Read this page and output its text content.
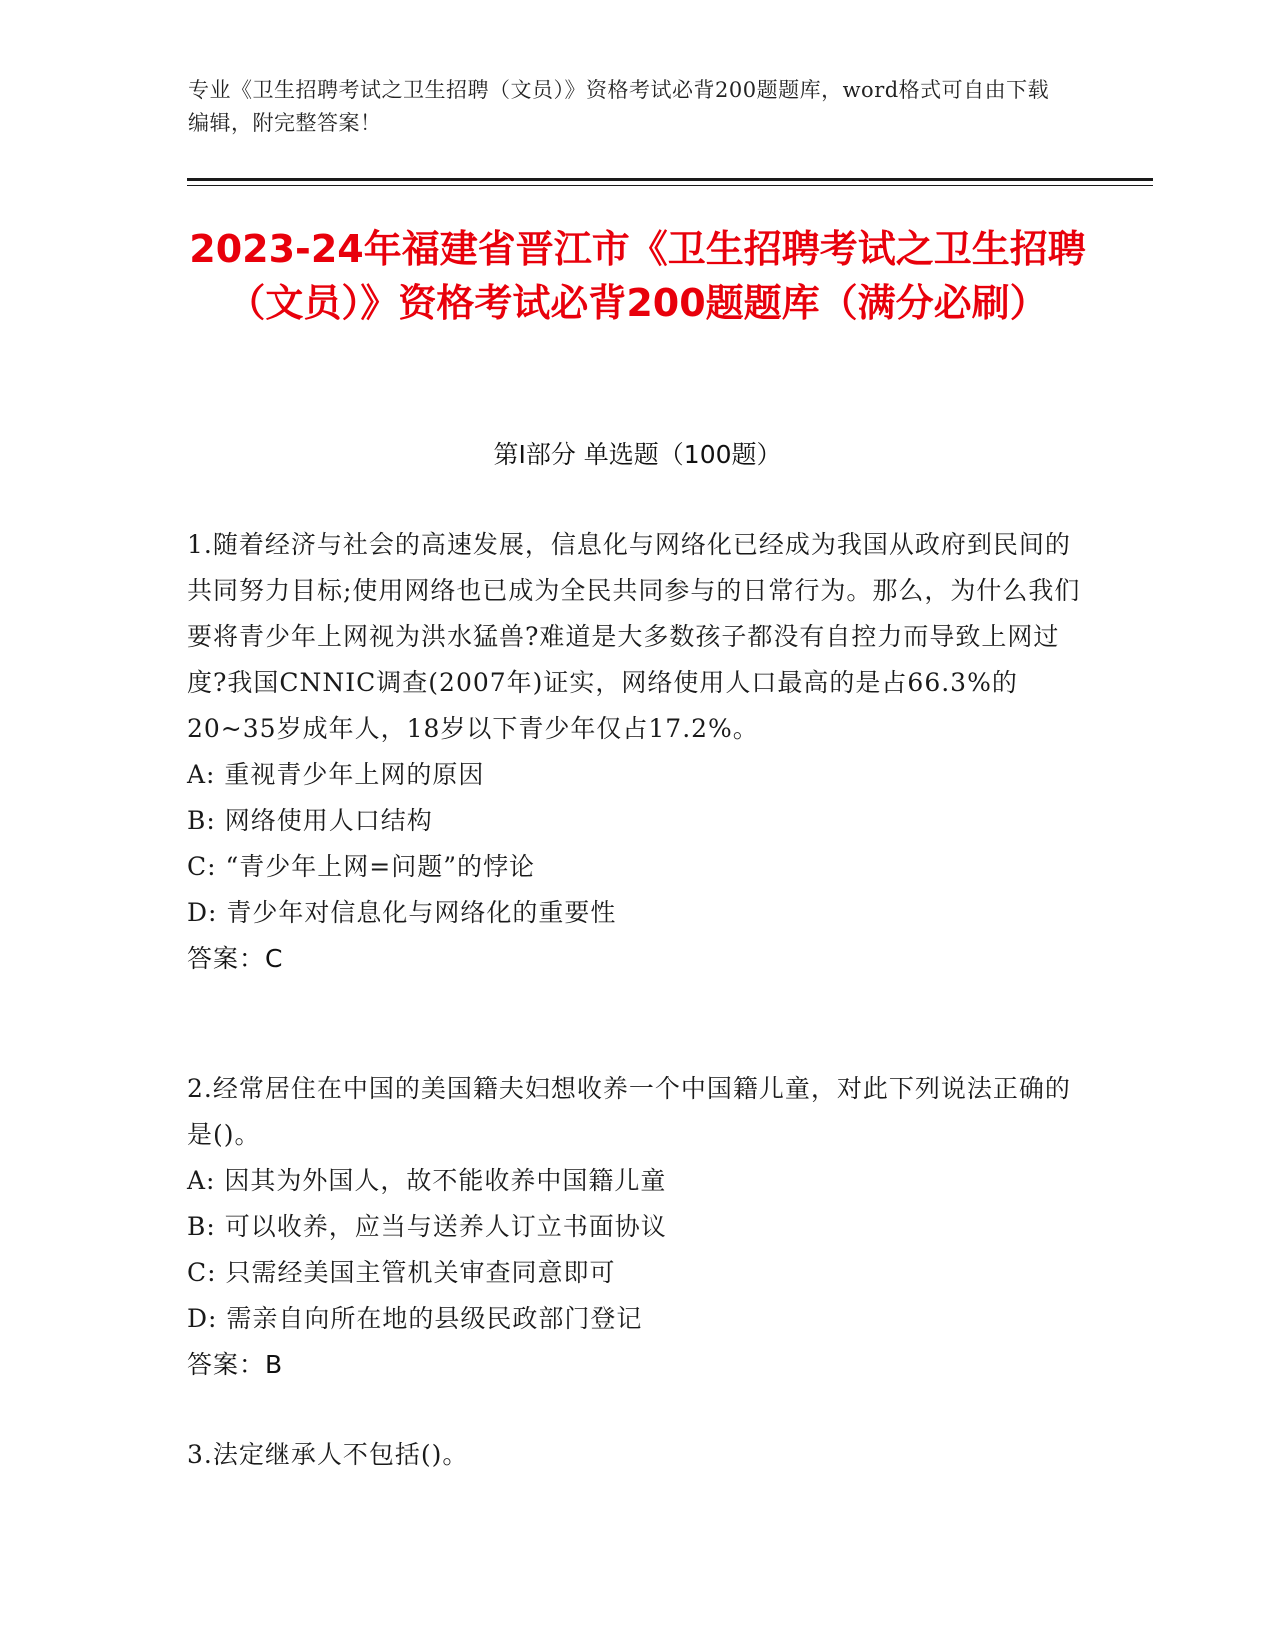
专业《卫生招聘考试之卫生招聘（文员）》资格考试必背200题题库，word格式可自由下载编辑，附完整答案！
2023-24年福建省晋江市《卫生招聘考试之卫生招聘（文员）》资格考试必背200题题库（满分必刷）
第Ⅰ部分 单选题（100题）

1.随着经济与社会的高速发展，信息化与网络化已经成为我国从政府到民间的共同努力目标;使用网络也已成为全民共同参与的日常行为。那么，为什么我们要将青少年上网视为洪水猛兽?难道是大多数孩子都没有自控力而导致上网过度?我国CNNIC调查(2007年)证实，网络使用人口最高的是占66.3%的20~35岁成年人，18岁以下青少年仅占17.2%。

A: 重视青少年上网的原因

B: 网络使用人口结构

C: “青少年上网=问题”的悖论

D: 青少年对信息化与网络化的重要性

答案：C

2.经常居住在中国的美国籍夫妇想收养一个中国籍儿童，对此下列说法正确的是()。

A: 因其为外国人，故不能收养中国籍儿童

B: 可以收养，应当与送养人订立书面协议

C: 只需经美国主管机关审查同意即可

D: 需亲自向所在地的县级民政部门登记

答案：B

3.法定继承人不包括()。
